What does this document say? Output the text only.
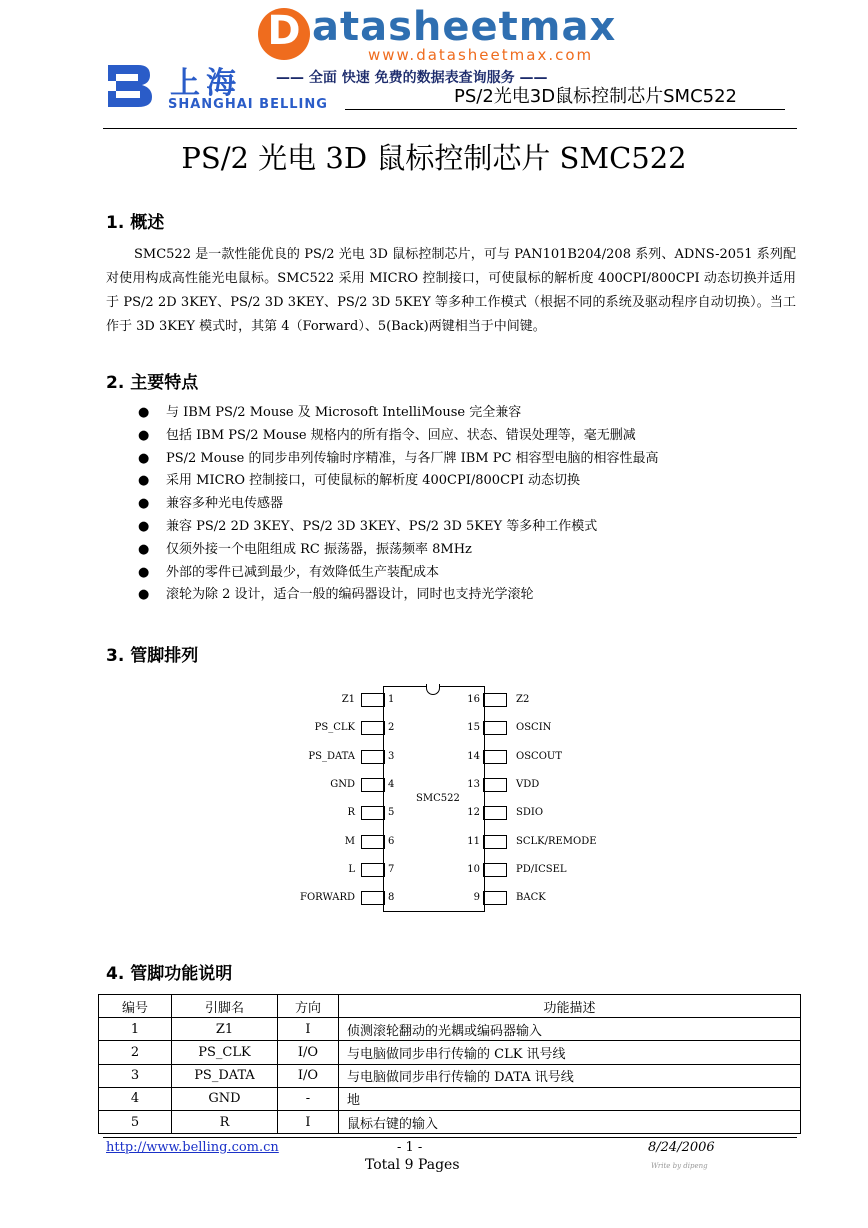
D atasheetmax
www.datasheetmax.com
—— 全面 快速 免费的数据表查询服务 ——
上海
SHANGHAI BELLING	PS/2光电3D鼠标控制芯片SMC522
PS/2 光电 3D 鼠标控制芯片 SMC522
1. 概述
SMC522 是一款性能优良的 PS/2 光电 3D 鼠标控制芯片，可与 PAN101B204/208 系列、ADNS-2051 系列配对使用构成高性能光电鼠标。SMC522 采用 MICRO 控制接口，可使鼠标的解析度 400CPI/800CPI 动态切换并适用于 PS/2 2D 3KEY、PS/2 3D 3KEY、PS/2 3D 5KEY 等多种工作模式（根据不同的系统及驱动程序自动切换）。当工作于 3D 3KEY 模式时，其第 4（Forward）、5(Back)两键相当于中间键。
2. 主要特点
● 与 IBM PS/2 Mouse 及 Microsoft IntelliMouse 完全兼容
● 包括 IBM PS/2 Mouse 规格内的所有指令、回应、状态、错误处理等，毫无删减
● PS/2 Mouse 的同步串列传输时序精准，与各厂牌 IBM PC 相容型电脑的相容性最高
● 采用 MICRO 控制接口，可使鼠标的解析度 400CPI/800CPI 动态切换
● 兼容多种光电传感器
● 兼容 PS/2 2D 3KEY、PS/2 3D 3KEY、PS/2 3D 5KEY 等多种工作模式
● 仅须外接一个电阻组成 RC 振荡器，振荡频率 8MHz
● 外部的零件已减到最少，有效降低生产装配成本
● 滚轮为除 2 设计，适合一般的编码器设计，同时也支持光学滚轮
3. 管脚排列
SMC522
1
Z1
2
PS_CLK
3
PS_DATA
4
GND
5
R
6
M
7
L
8
FORWARD
16	Z2
15	OSCIN
14	OSCOUT
13	VDD
12	SDIO
11	SCLK/REMODE
10	PD/ICSEL
9	BACK
4. 管脚功能说明
编号	引脚名	方向	功能描述
1	Z1	I	侦测滚轮翻动的光耦或编码器输入
2	PS_CLK	I/O	与电脑做同步串行传输的 CLK 讯号线
3	PS_DATA	I/O	与电脑做同步串行传输的 DATA 讯号线
4	GND	-	地
5	R	I	鼠标右键的输入
http://www.belling.com.cn	- 1 -	8/24/2006
Total 9 Pages	Write by dipeng
